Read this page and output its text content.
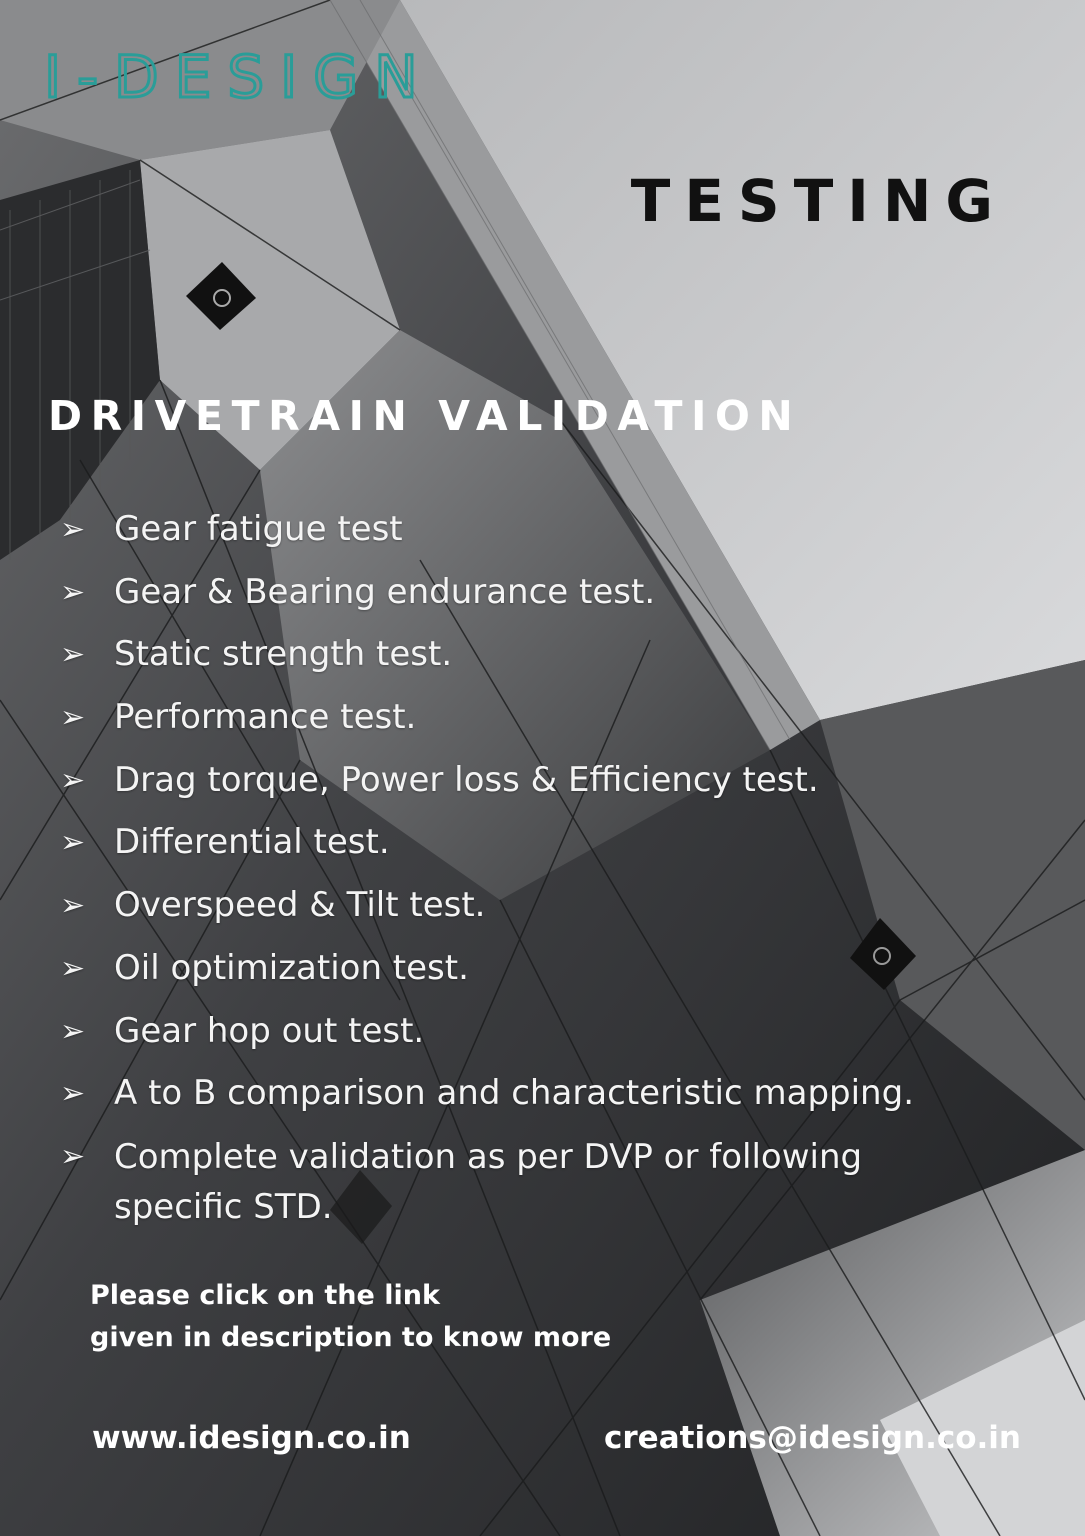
I-DESIGN
TESTING
DRIVETRAIN VALIDATION
➢ Gear fatigue test
➢ Gear & Bearing endurance test.
➢ Static strength test.
➢ Performance test.
➢ Drag torque, Power loss & Efficiency test.
➢ Differential test.
➢ Overspeed & Tilt test.
➢ Oil optimization test.
➢ Gear hop out test.
➢ A to B comparison and characteristic mapping.
➢ Complete validation as per DVP or following specific STD.
Please click on the link
given in description to know more
www.idesign.co.in	creations@idesign.co.in
